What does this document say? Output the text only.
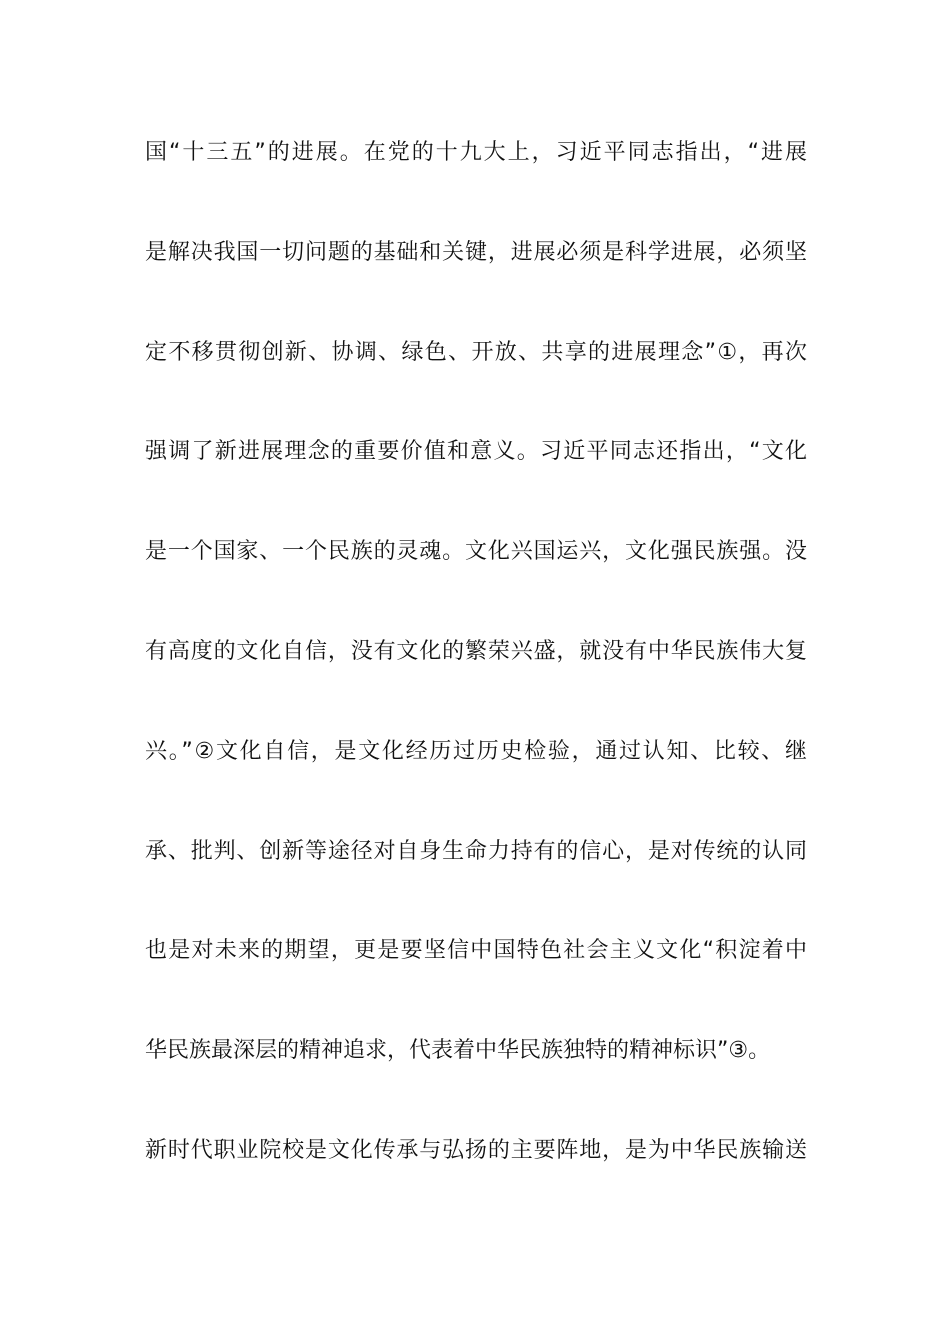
国“十三五”的进展。在党的十九大上，习近平同志指出，“进展
是解决我国一切问题的基础和关键，进展必须是科学进展，必须坚
定不移贯彻创新、协调、绿色、开放、共享的进展理念”①，再次
强调了新进展理念的重要价值和意义。习近平同志还指出，“文化
是一个国家、一个民族的灵魂。文化兴国运兴，文化强民族强。没
有高度的文化自信，没有文化的繁荣兴盛，就没有中华民族伟大复
兴。”②文化自信，是文化经历过历史检验，通过认知、比较、继
承、批判、创新等途径对自身生命力持有的信心，是对传统的认同
也是对未来的期望，更是要坚信中国特色社会主义文化“积淀着中
华民族最深层的精神追求，代表着中华民族独特的精神标识”③。
新时代职业院校是文化传承与弘扬的主要阵地，是为中华民族输送
